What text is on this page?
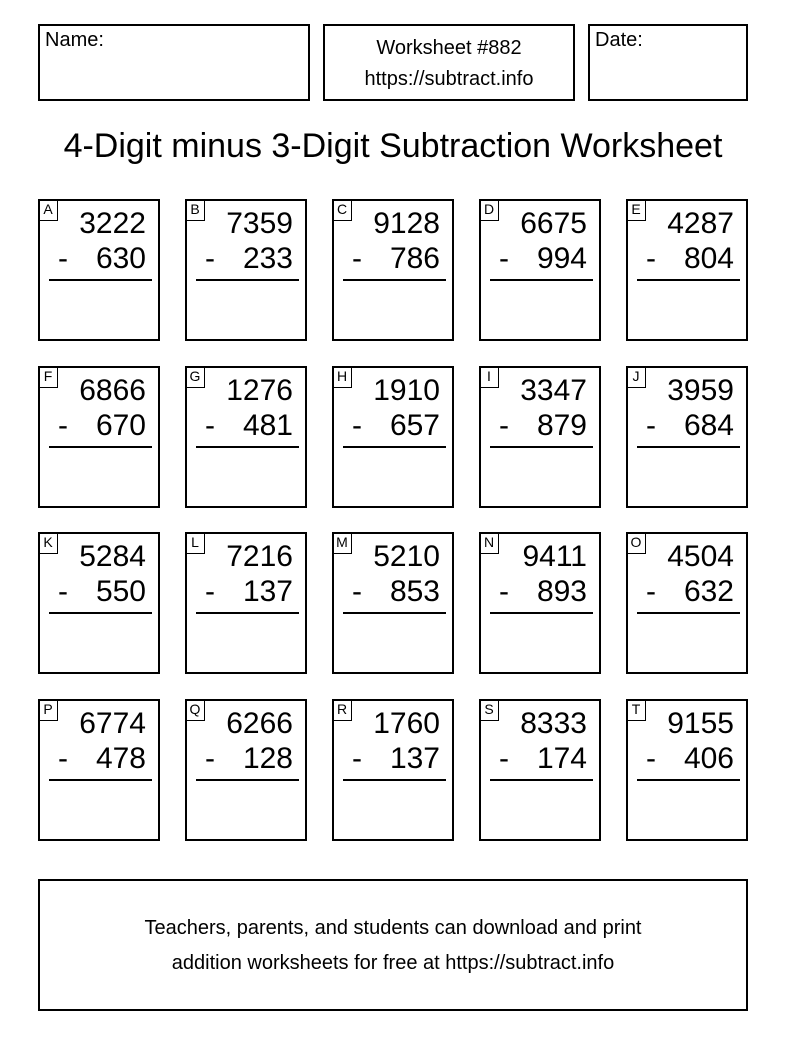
Name:	Worksheet #882
https://subtract.info
Date:
4-Digit minus 3-Digit Subtraction Worksheet
A 3222
- 630
B 7359
- 233
C 9128
- 786
D 6675
- 994
E 4287
- 804
F 6866
- 670
G 1276
- 481
H 1910
- 657
I 3347
- 879
J 3959
- 684
K 5284
- 550
L 7216
- 137
M 5210
- 853
N 9411
- 893
O 4504
- 632
P 6774
- 478
Q 6266
- 128
R 1760
- 137
S 8333
- 174
T 9155
- 406
Teachers, parents, and students can download and print
addition worksheets for free at https://subtract.info
